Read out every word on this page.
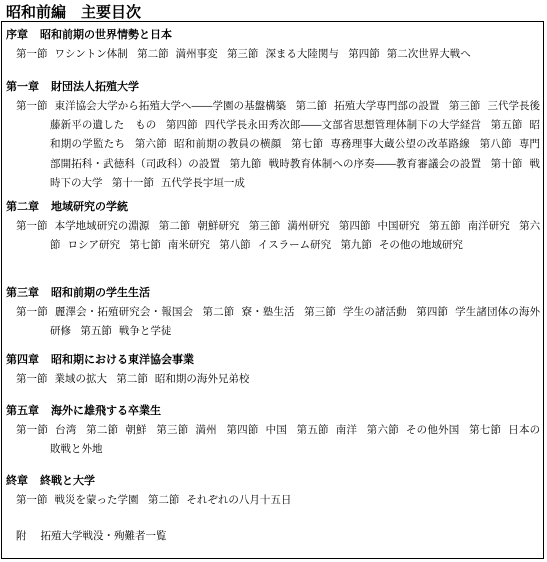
昭和前編　主要目次
序章 昭和前期の世界情勢と日本
第一節 ワシントン体制 第二節 満州事変 第三節 深まる大陸関与 第四節 第二次世界大戦へ
第一章 財団法人拓殖大学
第一節 東洋協会大学から拓殖大学へ――学園の基盤構築 第二節 拓殖大学専門部の設置 第三節 三代学長後藤新平の遺した　もの 第四節 四代学長永田秀次郎――文部省思想管理体制下の大学経営 第五節 昭和期の学監たち 第六節 昭和前期の教員の横顔 第七節 専務理事大蔵公望の改革路線 第八節 専門部開拓科・武徳科（司政科）の設置 第九節 戦時教育体制への序奏――教育審議会の設置 第十節 戦時下の大学 第十一節 五代学長宇垣一成
第二章 地域研究の学統
第一節 本学地域研究の淵源 第二節 朝鮮研究 第三節 満州研究 第四節 中国研究 第五節 南洋研究 第六節 ロシア研究 第七節 南米研究 第八節 イスラーム研究 第九節 その他の地域研究
第三章 昭和前期の学生生活
第一節 麗澤会・拓殖研究会・報国会 第二節 寮・塾生活 第三節 学生の諸活動 第四節 学生諸団体の海外研修 第五節 戦争と学徒
第四章 昭和期における東洋協会事業
第一節 業域の拡大 第二節 昭和期の海外兄弟校
第五章 海外に雄飛する卒業生
第一節 台湾 第二節 朝鮮 第三節 満州 第四節 中国 第五節 南洋 第六節 その他外国 第七節 日本の敗戦と外地
終章 終戦と大学
第一節 戦災を蒙った学園 第二節 それぞれの八月十五日
附 拓殖大学戦没・殉難者一覧
